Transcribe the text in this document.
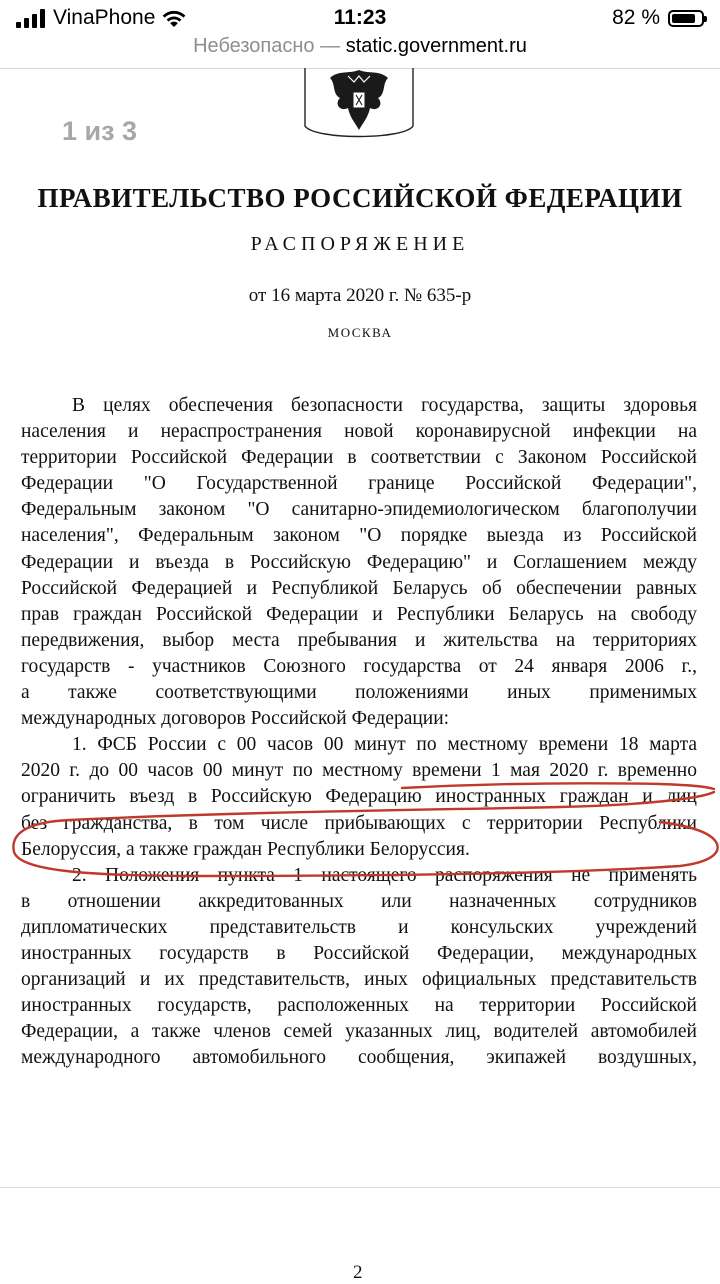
VinaPhone	11:23	82 %
Небезопасно — static.government.ru
1 из 3
ПРАВИТЕЛЬСТВО РОССИЙСКОЙ ФЕДЕРАЦИИ
РАСПОРЯЖЕНИЕ
от 16 марта 2020 г. № 635-р
МОСКВА
В целях обеспечения безопасности государства, защиты здоровья
населения и нераспространения новой коронавирусной инфекции на
территории Российской Федерации в соответствии с Законом Российской
Федерации "О Государственной границе Российской Федерации",
Федеральным законом "О санитарно-эпидемиологическом благополучии
населения", Федеральным законом "О порядке выезда из Российской
Федерации и въезда в Российскую Федерацию" и Соглашением между
Российской Федерацией и Республикой Беларусь об обеспечении равных
прав граждан Российской Федерации и Республики Беларусь на свободу
передвижения, выбор места пребывания и жительства на территориях
государств - участников Союзного государства от 24 января 2006 г.,
а также соответствующими положениями иных применимых
международных договоров Российской Федерации:
1. ФСБ России с 00 часов 00 минут по местному времени 18 марта
2020 г. до 00 часов 00 минут по местному времени 1 мая 2020 г. временно
ограничить въезд в Российскую Федерацию иностранных граждан и лиц
без гражданства, в том числе прибывающих с территории Республики
Белоруссия, а также граждан Республики Белоруссия.
2. Положения пункта 1 настоящего распоряжения не применять
в отношении аккредитованных или назначенных сотрудников
дипломатических представительств и консульских учреждений
иностранных государств в Российской Федерации, международных
организаций и их представительств, иных официальных представительств
иностранных государств, расположенных на территории Российской
Федерации, а также членов семей указанных лиц, водителей автомобилей
международного автомобильного сообщения, экипажей воздушных,
2
